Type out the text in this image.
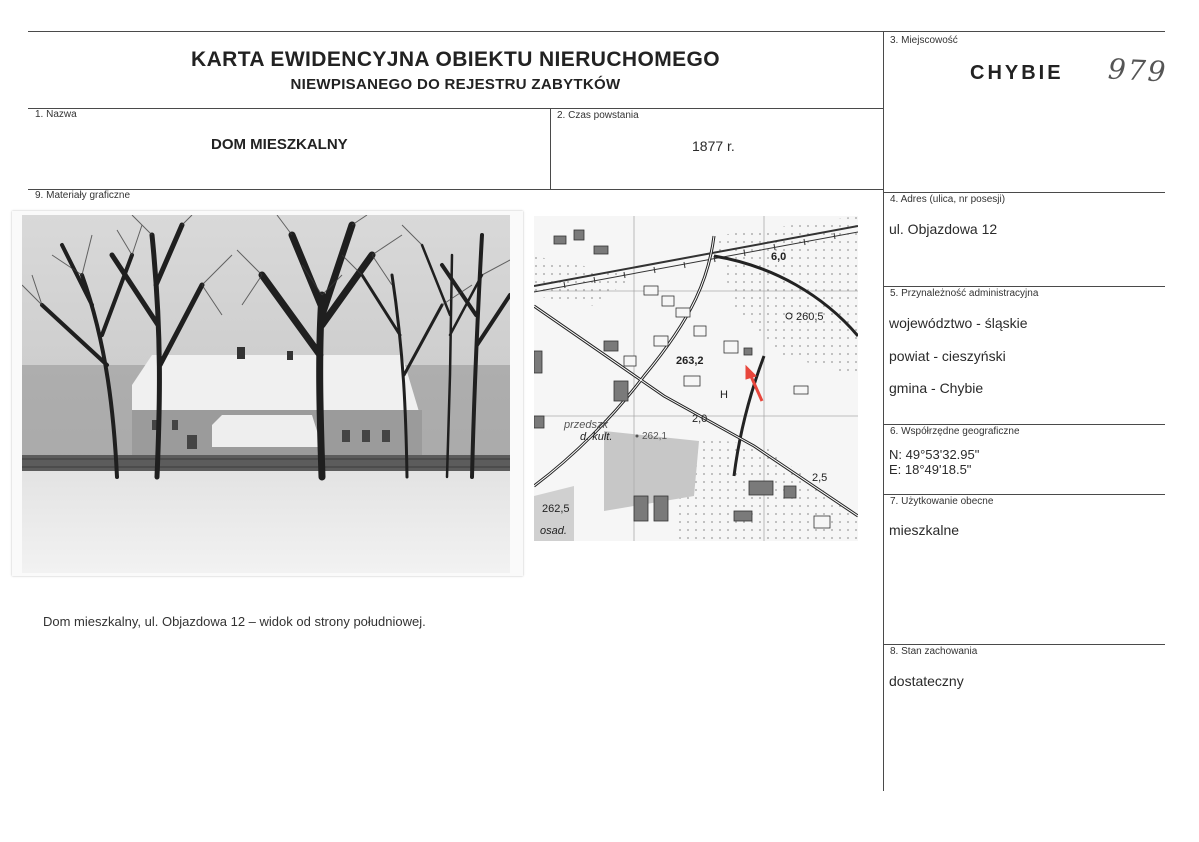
KARTA EWIDENCYJNA OBIEKTU NIERUCHOMEGO
NIEWPISANEGO DO REJESTRU ZABYTKÓW
3. Miejscowość
CHYBIE 979
1. Nazwa
DOM MIESZKALNY
2. Czas powstania
1877 r.
9. Materiały graficzne
6,0
260,5
263,2
2,0
262,1
2,5
262,5
przedszk
d. kult.
osad.
H
Dom mieszkalny, ul. Objazdowa 12 – widok od strony południowej.
4. Adres (ulica, nr posesji)
ul. Objazdowa 12
5. Przynależność administracyjna
województwo - śląskie
powiat - cieszyński
gmina - Chybie
6. Współrzędne geograficzne
N: 49°53'32.95"
E: 18°49'18.5"
7. Użytkowanie obecne
mieszkalne
8. Stan zachowania
dostateczny
